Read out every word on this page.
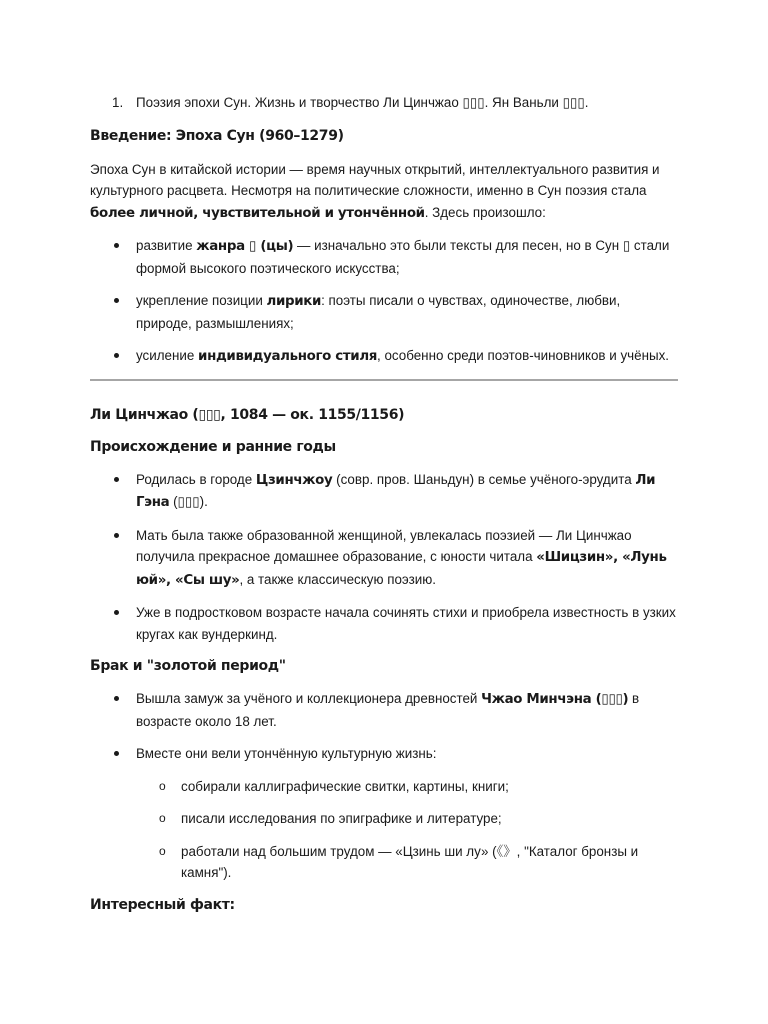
1. Поэзия эпохи Сун. Жизнь и творчество Ли Цинчжао ▯▯▯. Ян Ваньли ▯▯▯.
Введение: Эпоха Сун (960–1279)

Эпоха Сун в китайской истории — время научных открытий, интеллектуального развития и культурного расцвета. Несмотря на политические сложности, именно в Сун поэзия стала более личной, чувствительной и утончённой. Здесь произошло:

развитие жанра ▯ (цы) — изначально это были тексты для песен, но в Сун ▯ стали формой высокого поэтического искусства;
укрепление позиции лирики: поэты писали о чувствах, одиночестве, любви, природе, размышлениях;
усиление индивидуального стиля, особенно среди поэтов-чиновников и учёных.
Ли Цинчжао (▯▯▯, 1084 — ок. 1155/1156)
Происхождение и ранние годы
Родилась в городе Цзинчжоу (совр. пров. Шаньдун) в семье учёного-эрудита Ли Гэна (▯▯▯).
Мать была также образованной женщиной, увлекалась поэзией — Ли Цинчжао получила прекрасное домашнее образование, с юности читала «Шицзин», «Лунь юй», «Сы шу», а также классическую поэзию.
Уже в подростковом возрасте начала сочинять стихи и приобрела известность в узких кругах как вундеркинд.
Брак и "золотой период"
Вышла замуж за учёного и коллекционера древностей Чжао Минчэна (▯▯▯) в возрасте около 18 лет.
Вместе они вели утончённую культурную жизнь:
o собирали каллиграфические свитки, картины, книги;
o писали исследования по эпиграфике и литературе;
o работали над большим трудом — «Цзинь ши лу» (《》, "Каталог бронзы и камня").
Интересный факт:
